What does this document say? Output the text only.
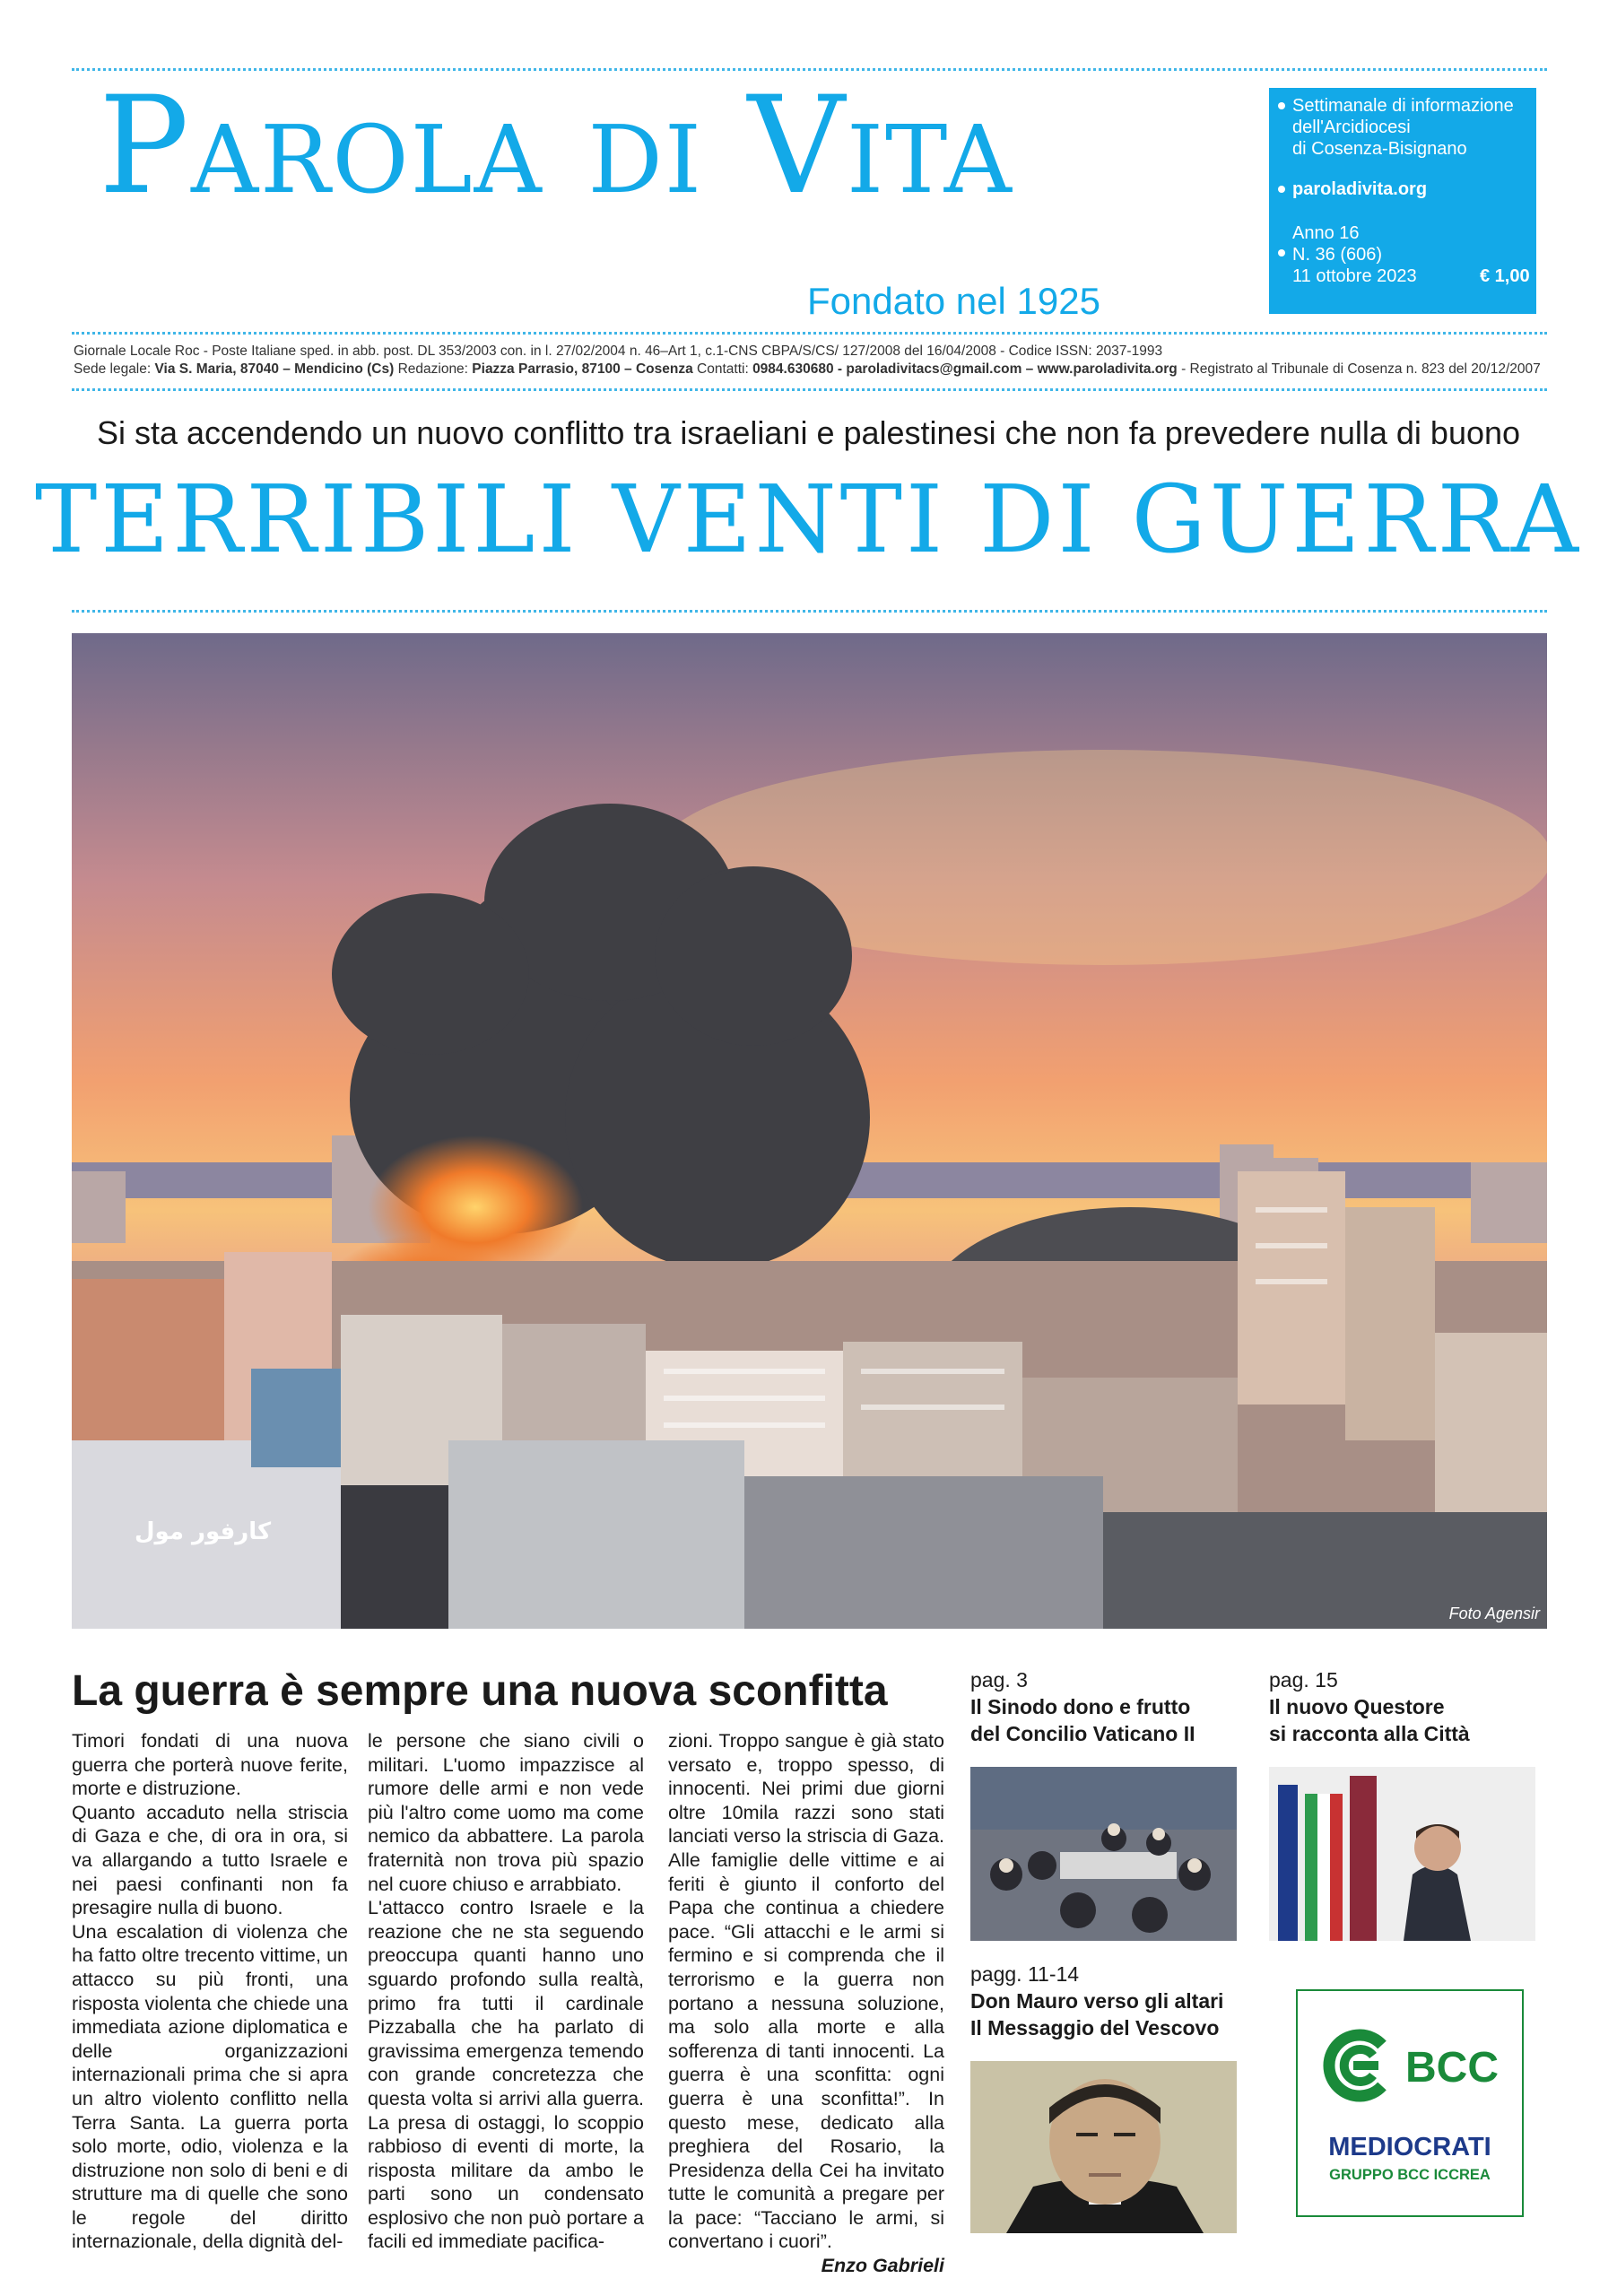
PAROLA DI VITA
Fondato nel 1925
Settimanale di informazione
dell'Arcidiocesi
di Cosenza-Bisignano
paroladivita.org
Anno 16
N. 36 (606)
11 ottobre 2023	€ 1,00
Giornale Locale Roc - Poste Italiane sped. in abb. post. DL 353/2003 con. in l. 27/02/2004 n. 46–Art 1, c.1-CNS CBPA/S/CS/ 127/2008 del 16/04/2008 - Codice ISSN: 2037-1993
Sede legale: Via S. Maria, 87040 – Mendicino (Cs) Redazione: Piazza Parrasio, 87100 – Cosenza Contatti: 0984.630680 - paroladivitacs@gmail.com – www.paroladivita.org - Registrato al Tribunale di Cosenza n. 823 del 20/12/2007
Si sta accendendo un nuovo conflitto tra israeliani e palestinesi che non fa prevedere nulla di buono
TERRIBILI VENTI DI GUERRA
كارفور مول
Foto Agensir
La guerra è sempre una nuova sconfitta

Timori fondati di una nuova guerra che porterà nuove ferite, morte e distruzione.

Quanto accaduto nella striscia di Gaza e che, di ora in ora, si va allargando a tutto Israele e nei paesi confinanti non fa presagire nulla di buono.

Una escalation di violenza che ha fatto oltre trecento vittime, un attacco su più fronti, una risposta violenta che chiede una immediata azione diplomatica e delle organizzazioni internazionali prima che si apra un altro violento conflitto nella Terra Santa. La guerra porta solo morte, odio, violenza e la distruzione non solo di beni e di strutture ma di quelle che sono le regole del diritto internazionale, della dignità del-

le persone che siano civili o militari. L'uomo impazzisce al rumore delle armi e non vede più l'altro come uomo ma come nemico da abbattere. La parola fraternità non trova più spazio nel cuore chiuso e arrabbiato.

L'attacco contro Israele e la reazione che ne sta seguendo preoccupa quanti hanno uno sguardo profondo sulla realtà, primo fra tutti il cardinale Pizzaballa che ha parlato di gravissima emergenza temendo con grande concretezza che questa volta si arrivi alla guerra. La presa di ostaggi, lo scoppio rabbioso di eventi di morte, la risposta militare da ambo le parti sono un condensato esplosivo che non può portare a facili ed immediate pacifica-

zioni. Troppo sangue è già stato versato e, troppo spesso, di innocenti. Nei primi due giorni oltre 10mila razzi sono stati lanciati verso la striscia di Gaza. Alle famiglie delle vittime e ai feriti è giunto il conforto del Papa che continua a chiedere pace. “Gli attacchi e le armi si fermino e si comprenda che il terrorismo e la guerra non portano a nessuna soluzione, ma solo alla morte e alla sofferenza di tanti innocenti. La guerra è una sconfitta: ogni guerra è una sconfitta!”. In questo mese, dedicato alla preghiera del Rosario, la Presidenza della Cei ha invitato tutte le comunità a pregare per la pace: “Tacciano le armi, si convertano i cuori”.

Enzo Gabrieli

pag. 3
Il Sinodo dono e frutto
del Concilio Vaticano II
pag. 15
Il nuovo Questore
si racconta alla Città
pagg. 11-14
Don Mauro verso gli altari
Il Messaggio del Vescovo
BCC
MEDIOCRATI
GRUPPO BCC ICCREA
